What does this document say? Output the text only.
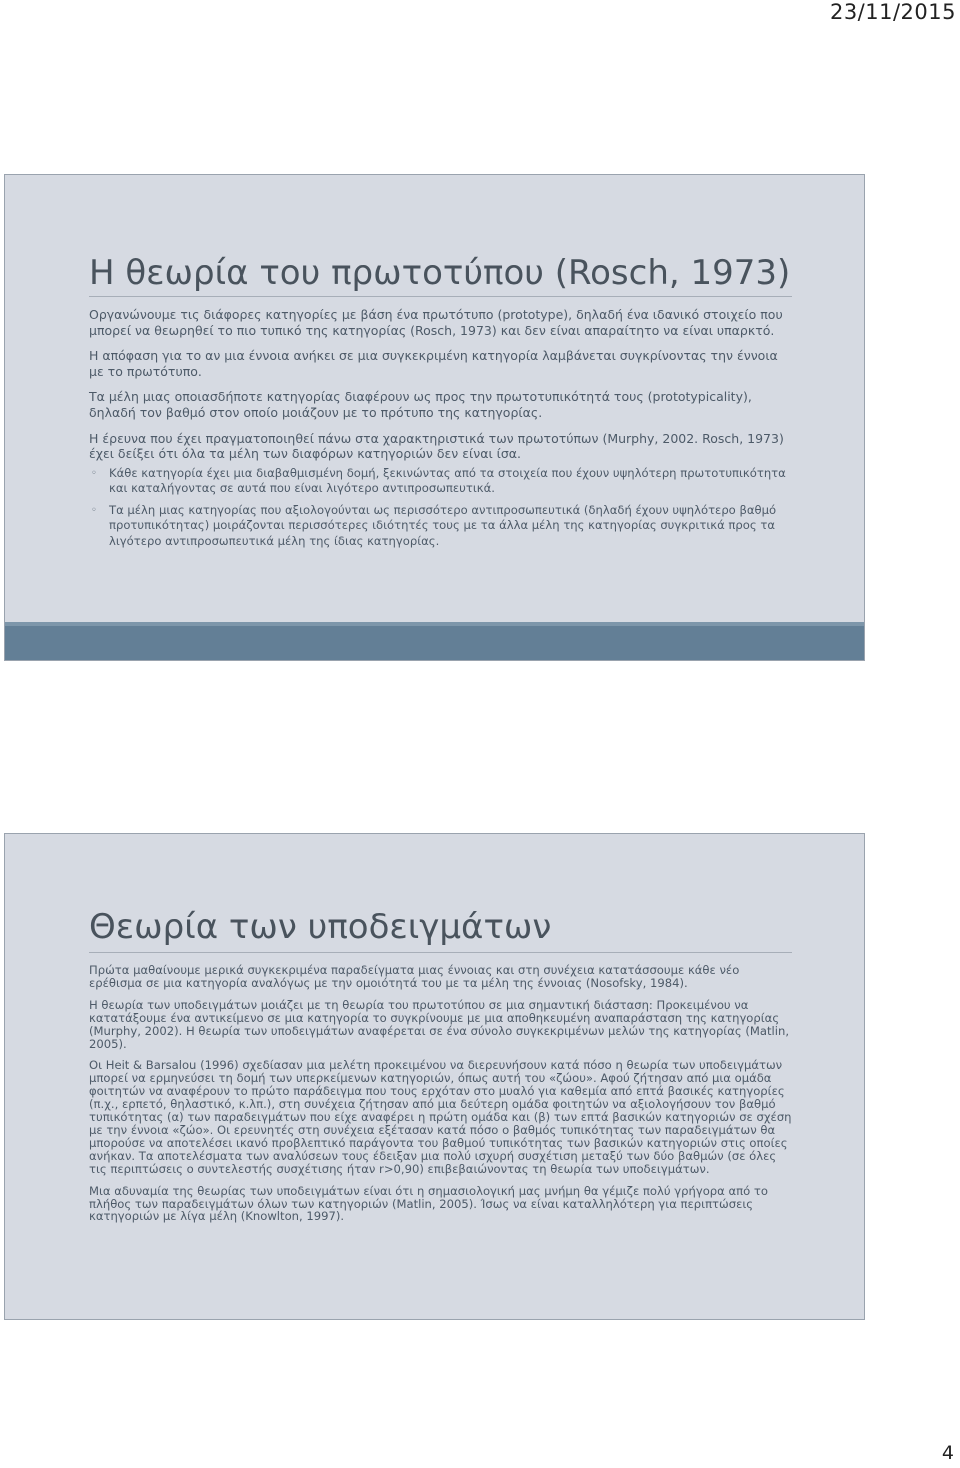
23/11/2015
Η θεωρία του πρωτοτύπου (Rosch, 1973)

Οργανώνουμε τις διάφορες κατηγορίες με βάση ένα πρωτότυπο (prototype), δηλαδή ένα ιδανικό στοιχείο που μπορεί να θεωρηθεί το πιο τυπικό της κατηγορίας (Rosch, 1973) και δεν είναι απαραίτητο να είναι υπαρκτό.

Η απόφαση για το αν μια έννοια ανήκει σε μια συγκεκριμένη κατηγορία λαμβάνεται συγκρίνοντας την έννοια με το πρωτότυπο.

Τα μέλη μιας οποιασδήποτε κατηγορίας διαφέρουν ως προς την πρωτοτυπικότητά τους (prototypicality), δηλαδή τον βαθμό στον οποίο μοιάζουν με το πρότυπο της κατηγορίας.

Η έρευνα που έχει πραγματοποιηθεί πάνω στα χαρακτηριστικά των πρωτοτύπων (Murphy, 2002. Rosch, 1973) έχει δείξει ότι όλα τα μέλη των διαφόρων κατηγοριών δεν είναι ίσα.

◦ Κάθε κατηγορία έχει μια διαβαθμισμένη δομή, ξεκινώντας από τα στοιχεία που έχουν υψηλότερη πρωτοτυπικότητα και καταλήγοντας σε αυτά που είναι λιγότερο αντιπροσωπευτικά.
◦ Τα μέλη μιας κατηγορίας που αξιολογούνται ως περισσότερο αντιπροσωπευτικά (δηλαδή έχουν υψηλότερο βαθμό προτυπικότητας) μοιράζονται περισσότερες ιδιότητές τους με τα άλλα μέλη της κατηγορίας συγκριτικά προς τα λιγότερο αντιπροσωπευτικά μέλη της ίδιας κατηγορίας.
Θεωρία των υποδειγμάτων

Πρώτα μαθαίνουμε μερικά συγκεκριμένα παραδείγματα μιας έννοιας και στη συνέχεια κατατάσσουμε κάθε νέο ερέθισμα σε μια κατηγορία αναλόγως με την ομοιότητά του με τα μέλη της έννοιας (Nosofsky, 1984).

Η θεωρία των υποδειγμάτων μοιάζει με τη θεωρία του πρωτοτύπου σε μια σημαντική διάσταση: Προκειμένου να κατατάξουμε ένα αντικείμενο σε μια κατηγορία το συγκρίνουμε με μια αποθηκευμένη αναπαράσταση της κατηγορίας (Murphy, 2002). Η θεωρία των υποδειγμάτων αναφέρεται σε ένα σύνολο συγκεκριμένων μελών της κατηγορίας (Matlin, 2005).

Οι Heit & Barsalou (1996) σχεδίασαν μια μελέτη προκειμένου να διερευνήσουν κατά πόσο η θεωρία των υποδειγμάτων μπορεί να ερμηνεύσει τη δομή των υπερκείμενων κατηγοριών, όπως αυτή του «ζώου». Αφού ζήτησαν από μια ομάδα φοιτητών να αναφέρουν το πρώτο παράδειγμα που τους ερχόταν στο μυαλό για καθεμία από επτά βασικές κατηγορίες (π.χ., ερπετό, θηλαστικό, κ.λπ.), στη συνέχεια ζήτησαν από μια δεύτερη ομάδα φοιτητών να αξιολογήσουν τον βαθμό τυπικότητας (α) των παραδειγμάτων που είχε αναφέρει η πρώτη ομάδα και (β) των επτά βασικών κατηγοριών σε σχέση με την έννοια «ζώο». Οι ερευνητές στη συνέχεια εξέτασαν κατά πόσο ο βαθμός τυπικότητας των παραδειγμάτων θα μπορούσε να αποτελέσει ικανό προβλεπτικό παράγοντα του βαθμού τυπικότητας των βασικών κατηγοριών στις οποίες ανήκαν. Τα αποτελέσματα των αναλύσεων τους έδειξαν μια πολύ ισχυρή συσχέτιση μεταξύ των δύο βαθμών (σε όλες τις περιπτώσεις ο συντελεστής συσχέτισης ήταν r>0,90) επιβεβαιώνοντας τη θεωρία των υποδειγμάτων.

Μια αδυναμία της θεωρίας των υποδειγμάτων είναι ότι η σημασιολογική μας μνήμη θα γέμιζε πολύ γρήγορα από το πλήθος των παραδειγμάτων όλων των κατηγοριών (Matlin, 2005). Ίσως να είναι καταλληλότερη για περιπτώσεις κατηγοριών με λίγα μέλη (Knowlton, 1997).

4
